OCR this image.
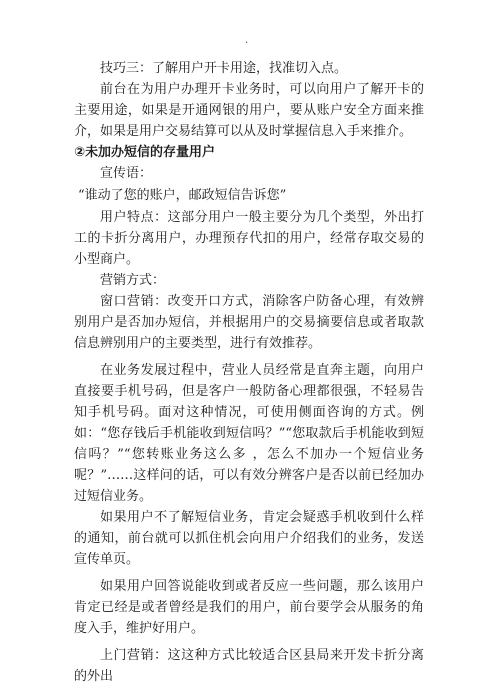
.

技巧三：了解用户开卡用途，找准切入点。

前台在为用户办理开卡业务时，可以向用户了解开卡的主要用途，如果是开通网银的用户，要从账户安全方面来推介，如果是用户交易结算可以从及时掌握信息入手来推介。

②未加办短信的存量用户

宣传语：

“谁动了您的账户，邮政短信告诉您”

用户特点：这部分用户一般主要分为几个类型，外出打工的卡折分离用户，办理预存代扣的用户，经常存取交易的小型商户。

营销方式：

窗口营销：改变开口方式，消除客户防备心理，有效辨别用户是否加办短信，并根据用户的交易摘要信息或者取款信息辨别用户的主要类型，进行有效推荐。

在业务发展过程中，营业人员经常是直奔主题，向用户直接要手机号码，但是客户一般防备心理都很强，不轻易告知手机号码。面对这种情况，可使用侧面咨询的方式。例如：“您存钱后手机能收到短信吗？”“您取款后手机能收到短信吗？”“您转账业务这么多 ，怎么不加办一个短信业务呢？”……这样问的话，可以有效分辨客户是否以前已经加办过短信业务。

如果用户不了解短信业务，肯定会疑惑手机收到什么样的通知，前台就可以抓住机会向用户介绍我们的业务，发送宣传单页。

如果用户回答说能收到或者反应一些问题，那么该用户肯定已经是或者曾经是我们的用户，前台要学会从服务的角度入手，维护好用户。

上门营销：这这种方式比较适合区县局来开发卡折分离的外出
